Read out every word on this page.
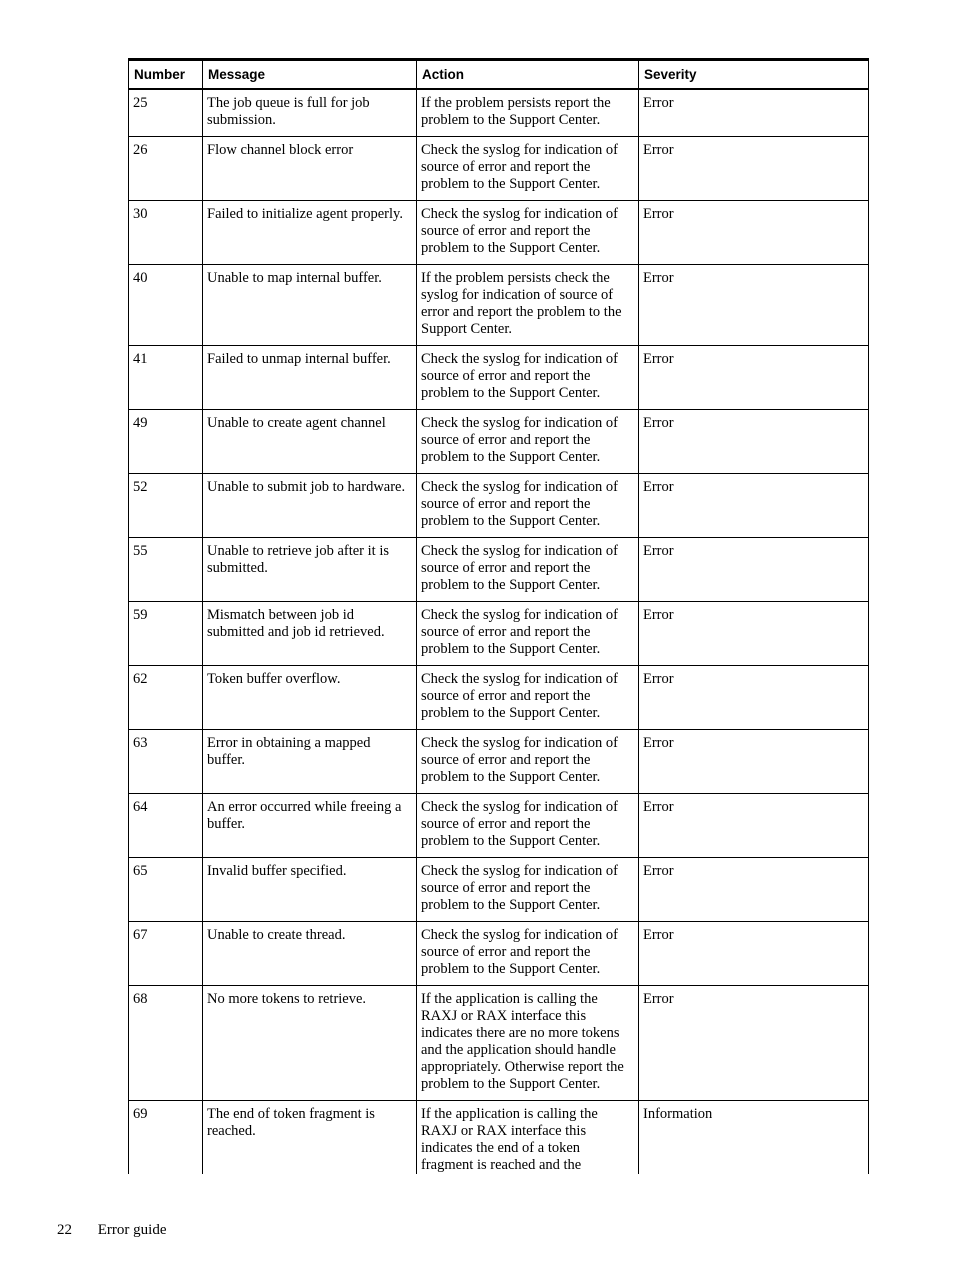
Number	Message	Action	Severity
25	The job queue is full for job submission.	If the problem persists report the problem to the Support Center.	Error
26	Flow channel block error	Check the syslog for indication of source of error and report the problem to the Support Center.	Error
30	Failed to initialize agent properly.	Check the syslog for indication of source of error and report the problem to the Support Center.	Error
40	Unable to map internal buffer.	If the problem persists check the syslog for indication of source of error and report the problem to the Support Center.	Error
41	Failed to unmap internal buffer.	Check the syslog for indication of source of error and report the problem to the Support Center.	Error
49	Unable to create agent channel	Check the syslog for indication of source of error and report the problem to the Support Center.	Error
52	Unable to submit job to hardware.	Check the syslog for indication of source of error and report the problem to the Support Center.	Error
55	Unable to retrieve job after it is submitted.	Check the syslog for indication of source of error and report the problem to the Support Center.	Error
59	Mismatch between job id submitted and job id retrieved.	Check the syslog for indication of source of error and report the problem to the Support Center.	Error
62	Token buffer overflow.	Check the syslog for indication of source of error and report the problem to the Support Center.	Error
63	Error in obtaining a mapped buffer.	Check the syslog for indication of source of error and report the problem to the Support Center.	Error
64	An error occurred while freeing a buffer.	Check the syslog for indication of source of error and report the problem to the Support Center.	Error
65	Invalid buffer specified.	Check the syslog for indication of source of error and report the problem to the Support Center.	Error
67	Unable to create thread.	Check the syslog for indication of source of error and report the problem to the Support Center.	Error
68	No more tokens to retrieve.	If the application is calling the RAXJ or RAX interface this indicates there are no more tokens and the application should handle appropriately. Otherwise report the problem to the Support Center.	Error
69	The end of token fragment is reached.	If the application is calling the RAXJ or RAX interface this indicates the end of a token fragment is reached and the	Information
22 Error guide
